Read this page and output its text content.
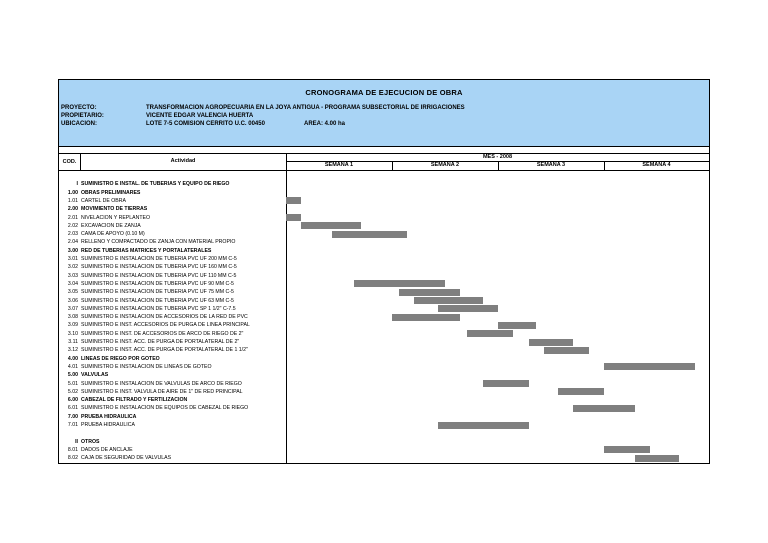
CRONOGRAMA DE EJECUCION DE OBRA
PROYECTO:	TRANSFORMACION AGROPECUARIA EN LA JOYA ANTIGUA - PROGRAMA SUBSECTORIAL DE IRRIGACIONES
PROPIETARIO:	VICENTE EDGAR VALENCIA HUERTA
UBICACION:	LOTE 7-5 COMISION CERRITO U.C. 00450	AREA: 4.00 ha
COD.	Actividad
MES - 2008
SEMANA 1	SEMANA 2	SEMANA 3	SEMANA 4
I SUMINISTRO E INSTAL. DE TUBERIAS Y EQUIPO DE RIEGO
1.00 OBRAS PRELIMINARES
1.01 CARTEL DE OBRA
2.00 MOVIMIENTO DE TIERRAS
2.01 NIVELACION Y REPLANTEO
2.02 EXCAVACION DE ZANJA
2.03 CAMA DE APOYO (0.10 M)
2.04 RELLENO Y COMPACTADO DE ZANJA CON MATERIAL PROPIO
3.00 RED DE TUBERIAS MATRICES Y PORTALATERALES
3.01 SUMINISTRO E INSTALACION DE TUBERIA PVC UF 200 MM C-5
3.02 SUMINISTRO E INSTALACION DE TUBERIA PVC UF 160 MM C-5
3.03 SUMINISTRO E INSTALACION DE TUBERIA PVC UF 110 MM C-5
3.04 SUMINISTRO E INSTALACION DE TUBERIA PVC UF 90 MM C-5
3.05 SUMINISTRO E INSTALACION DE TUBERIA PVC UF 75 MM C-5
3.06 SUMINISTRO E INSTALACION DE TUBERIA PVC UF 63 MM C-5
3.07 SUMINISTRO E INSTALACION DE TUBERIA PVC SP 1 1/2" C-7.5
3.08 SUMINISTRO E INSTALACION DE ACCESORIOS DE LA RED DE PVC
3.09 SUMINISTRO E INST. ACCESORIOS DE PURGA DE LINEA PRINCIPAL
3.10 SUMINISTRO E INST. DE ACCESORIOS DE ARCO DE RIEGO DE 2"
3.11 SUMINISTRO E INST. ACC. DE PURGA DE PORTALATERAL DE 2"
3.12 SUMINISTRO E INST. ACC. DE PURGA DE PORTALATERAL DE 1 1/2"
4.00 LINEAS DE RIEGO POR GOTEO
4.01 SUMINISTRO E INSTALACION DE LINEAS DE GOTEO
5.00 VALVULAS
5.01 SUMINISTRO E INSTALACION DE VALVULAS DE ARCO DE RIEGO
5.02 SUMINISTRO E INST. VALVULA DE AIRE DE 1" DE RED PRINCIPAL
6.00 CABEZAL DE FILTRADO Y FERTILIZACION
6.01 SUMINISTRO E INSTALACION DE EQUIPOS DE CABEZAL DE RIEGO
7.00 PRUEBA HIDRAULICA
7.01 PRUEBA HIDRAULICA
II OTROS
8.01 DADOS DE ANCLAJE
8.02 CAJA DE SEGURIDAD DE VALVULAS
